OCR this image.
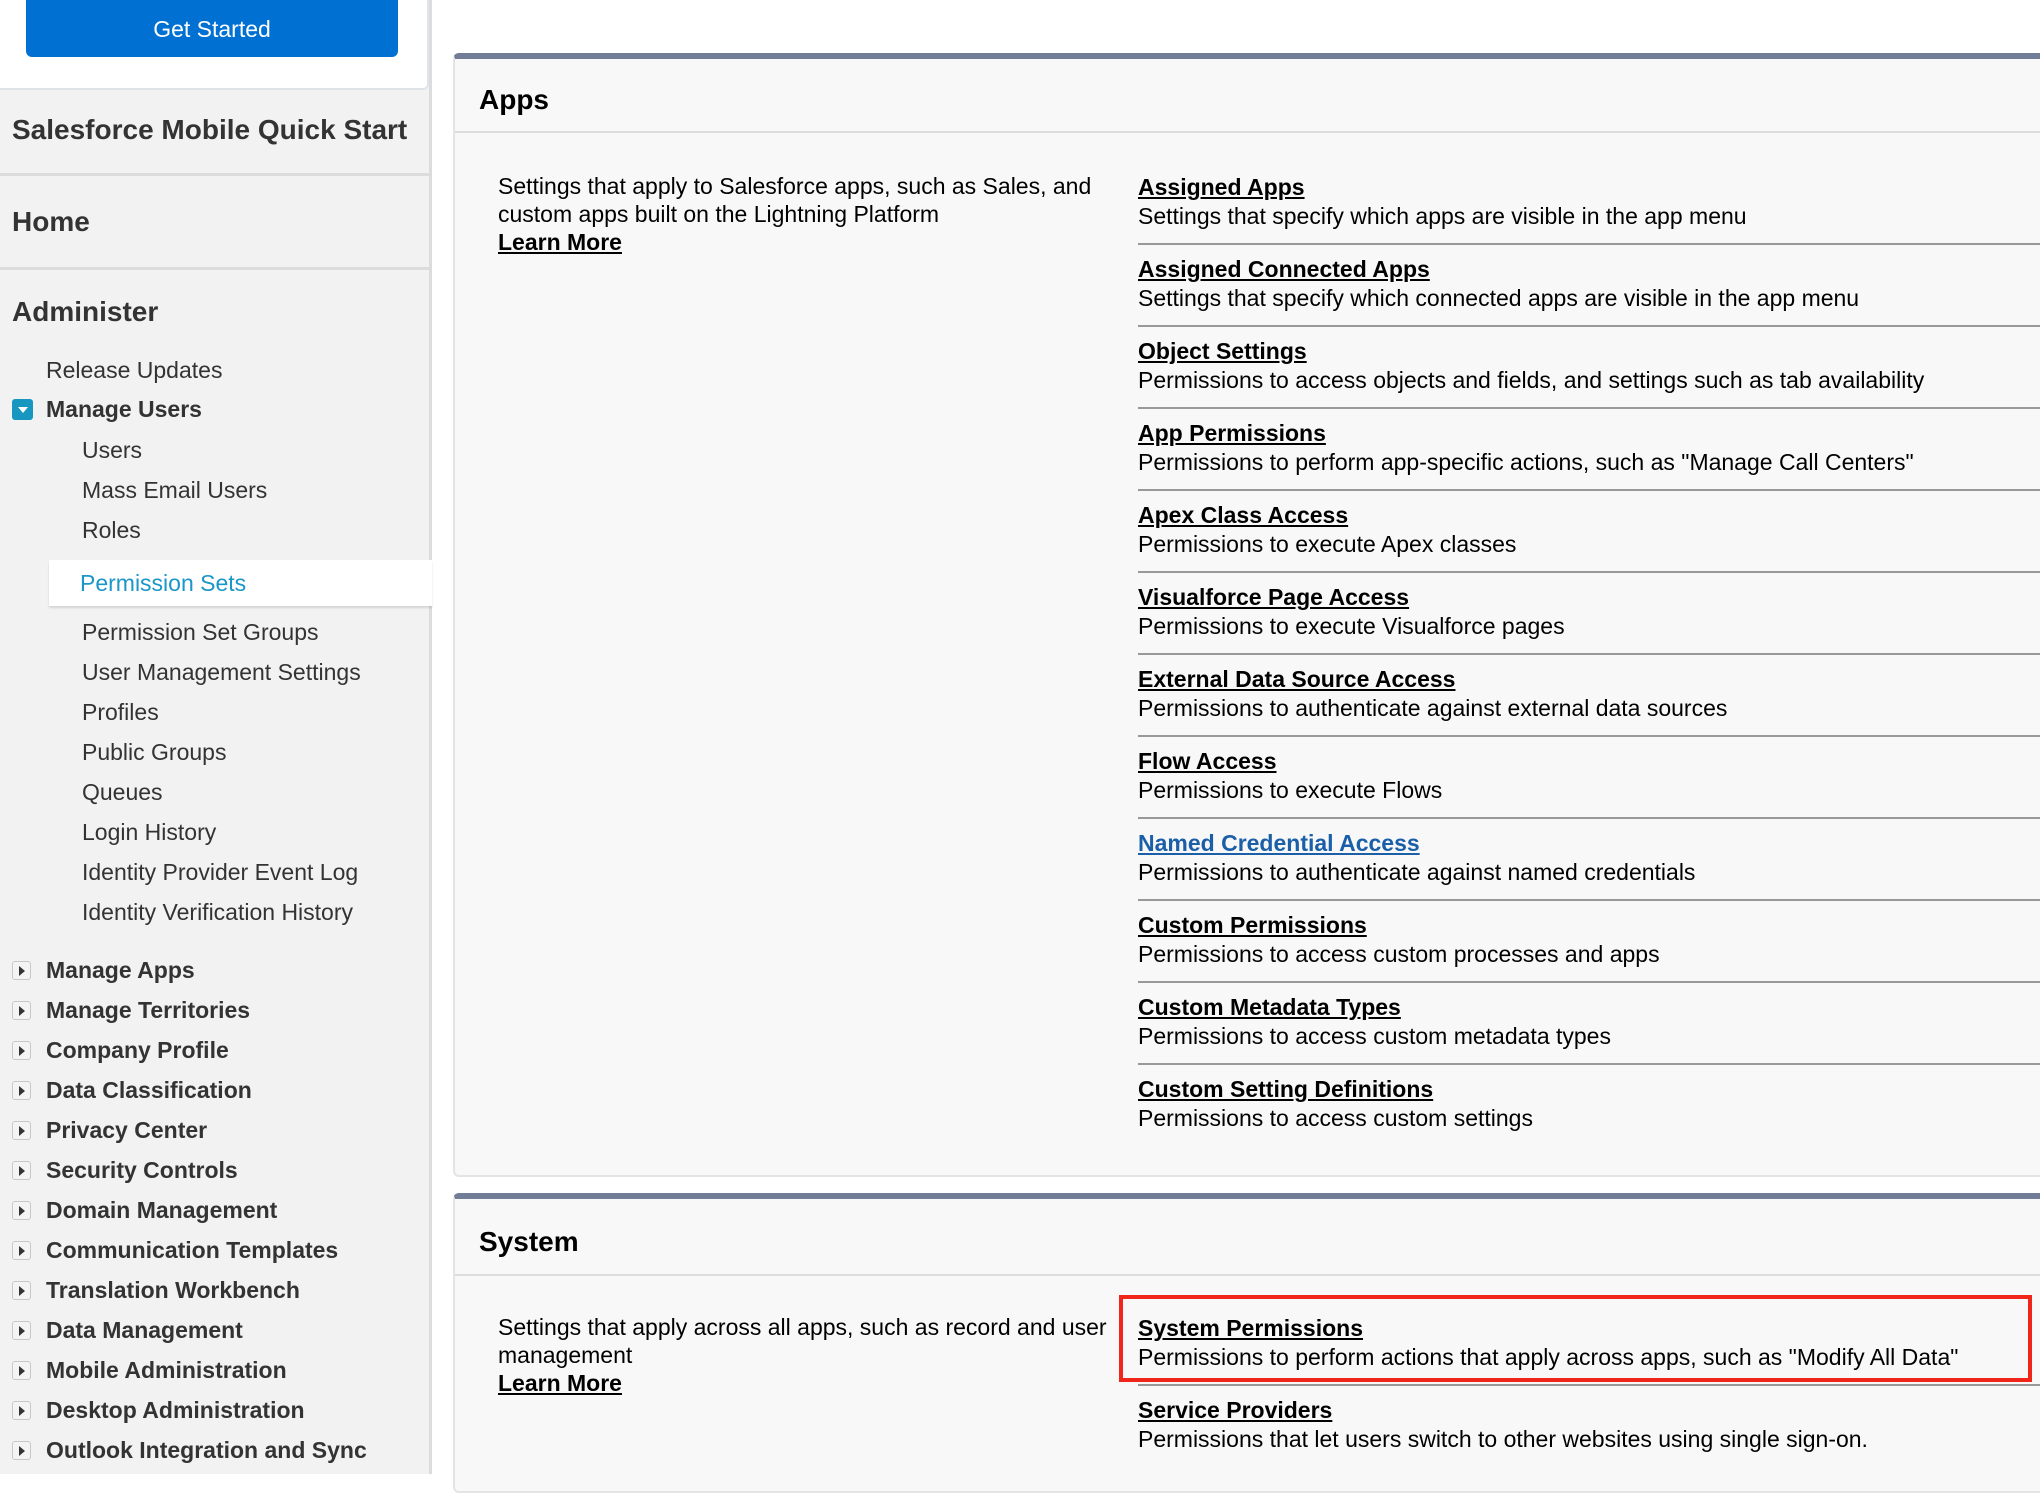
Get Started
Salesforce Mobile Quick Start
Home
Administer
Release Updates
Manage Users
Users
Mass Email Users
Roles
Permission Sets
Permission Set Groups
User Management Settings
Profiles
Public Groups
Queues
Login History
Identity Provider Event Log
Identity Verification History
Manage Apps
Manage Territories
Company Profile
Data Classification
Privacy Center
Security Controls
Domain Management
Communication Templates
Translation Workbench
Data Management
Mobile Administration
Desktop Administration
Outlook Integration and Sync
Apps
Settings that apply to Salesforce apps, such as Sales, and custom apps built on the Lightning Platform
Learn More
Assigned Apps
Settings that specify which apps are visible in the app menu
Assigned Connected Apps
Settings that specify which connected apps are visible in the app menu
Object Settings
Permissions to access objects and fields, and settings such as tab availability
App Permissions
Permissions to perform app-specific actions, such as "Manage Call Centers"
Apex Class Access
Permissions to execute Apex classes
Visualforce Page Access
Permissions to execute Visualforce pages
External Data Source Access
Permissions to authenticate against external data sources
Flow Access
Permissions to execute Flows
Named Credential Access
Permissions to authenticate against named credentials
Custom Permissions
Permissions to access custom processes and apps
Custom Metadata Types
Permissions to access custom metadata types
Custom Setting Definitions
Permissions to access custom settings
System
Settings that apply across all apps, such as record and user management
Learn More
System Permissions
Permissions to perform actions that apply across apps, such as "Modify All Data"
Service Providers
Permissions that let users switch to other websites using single sign-on.
